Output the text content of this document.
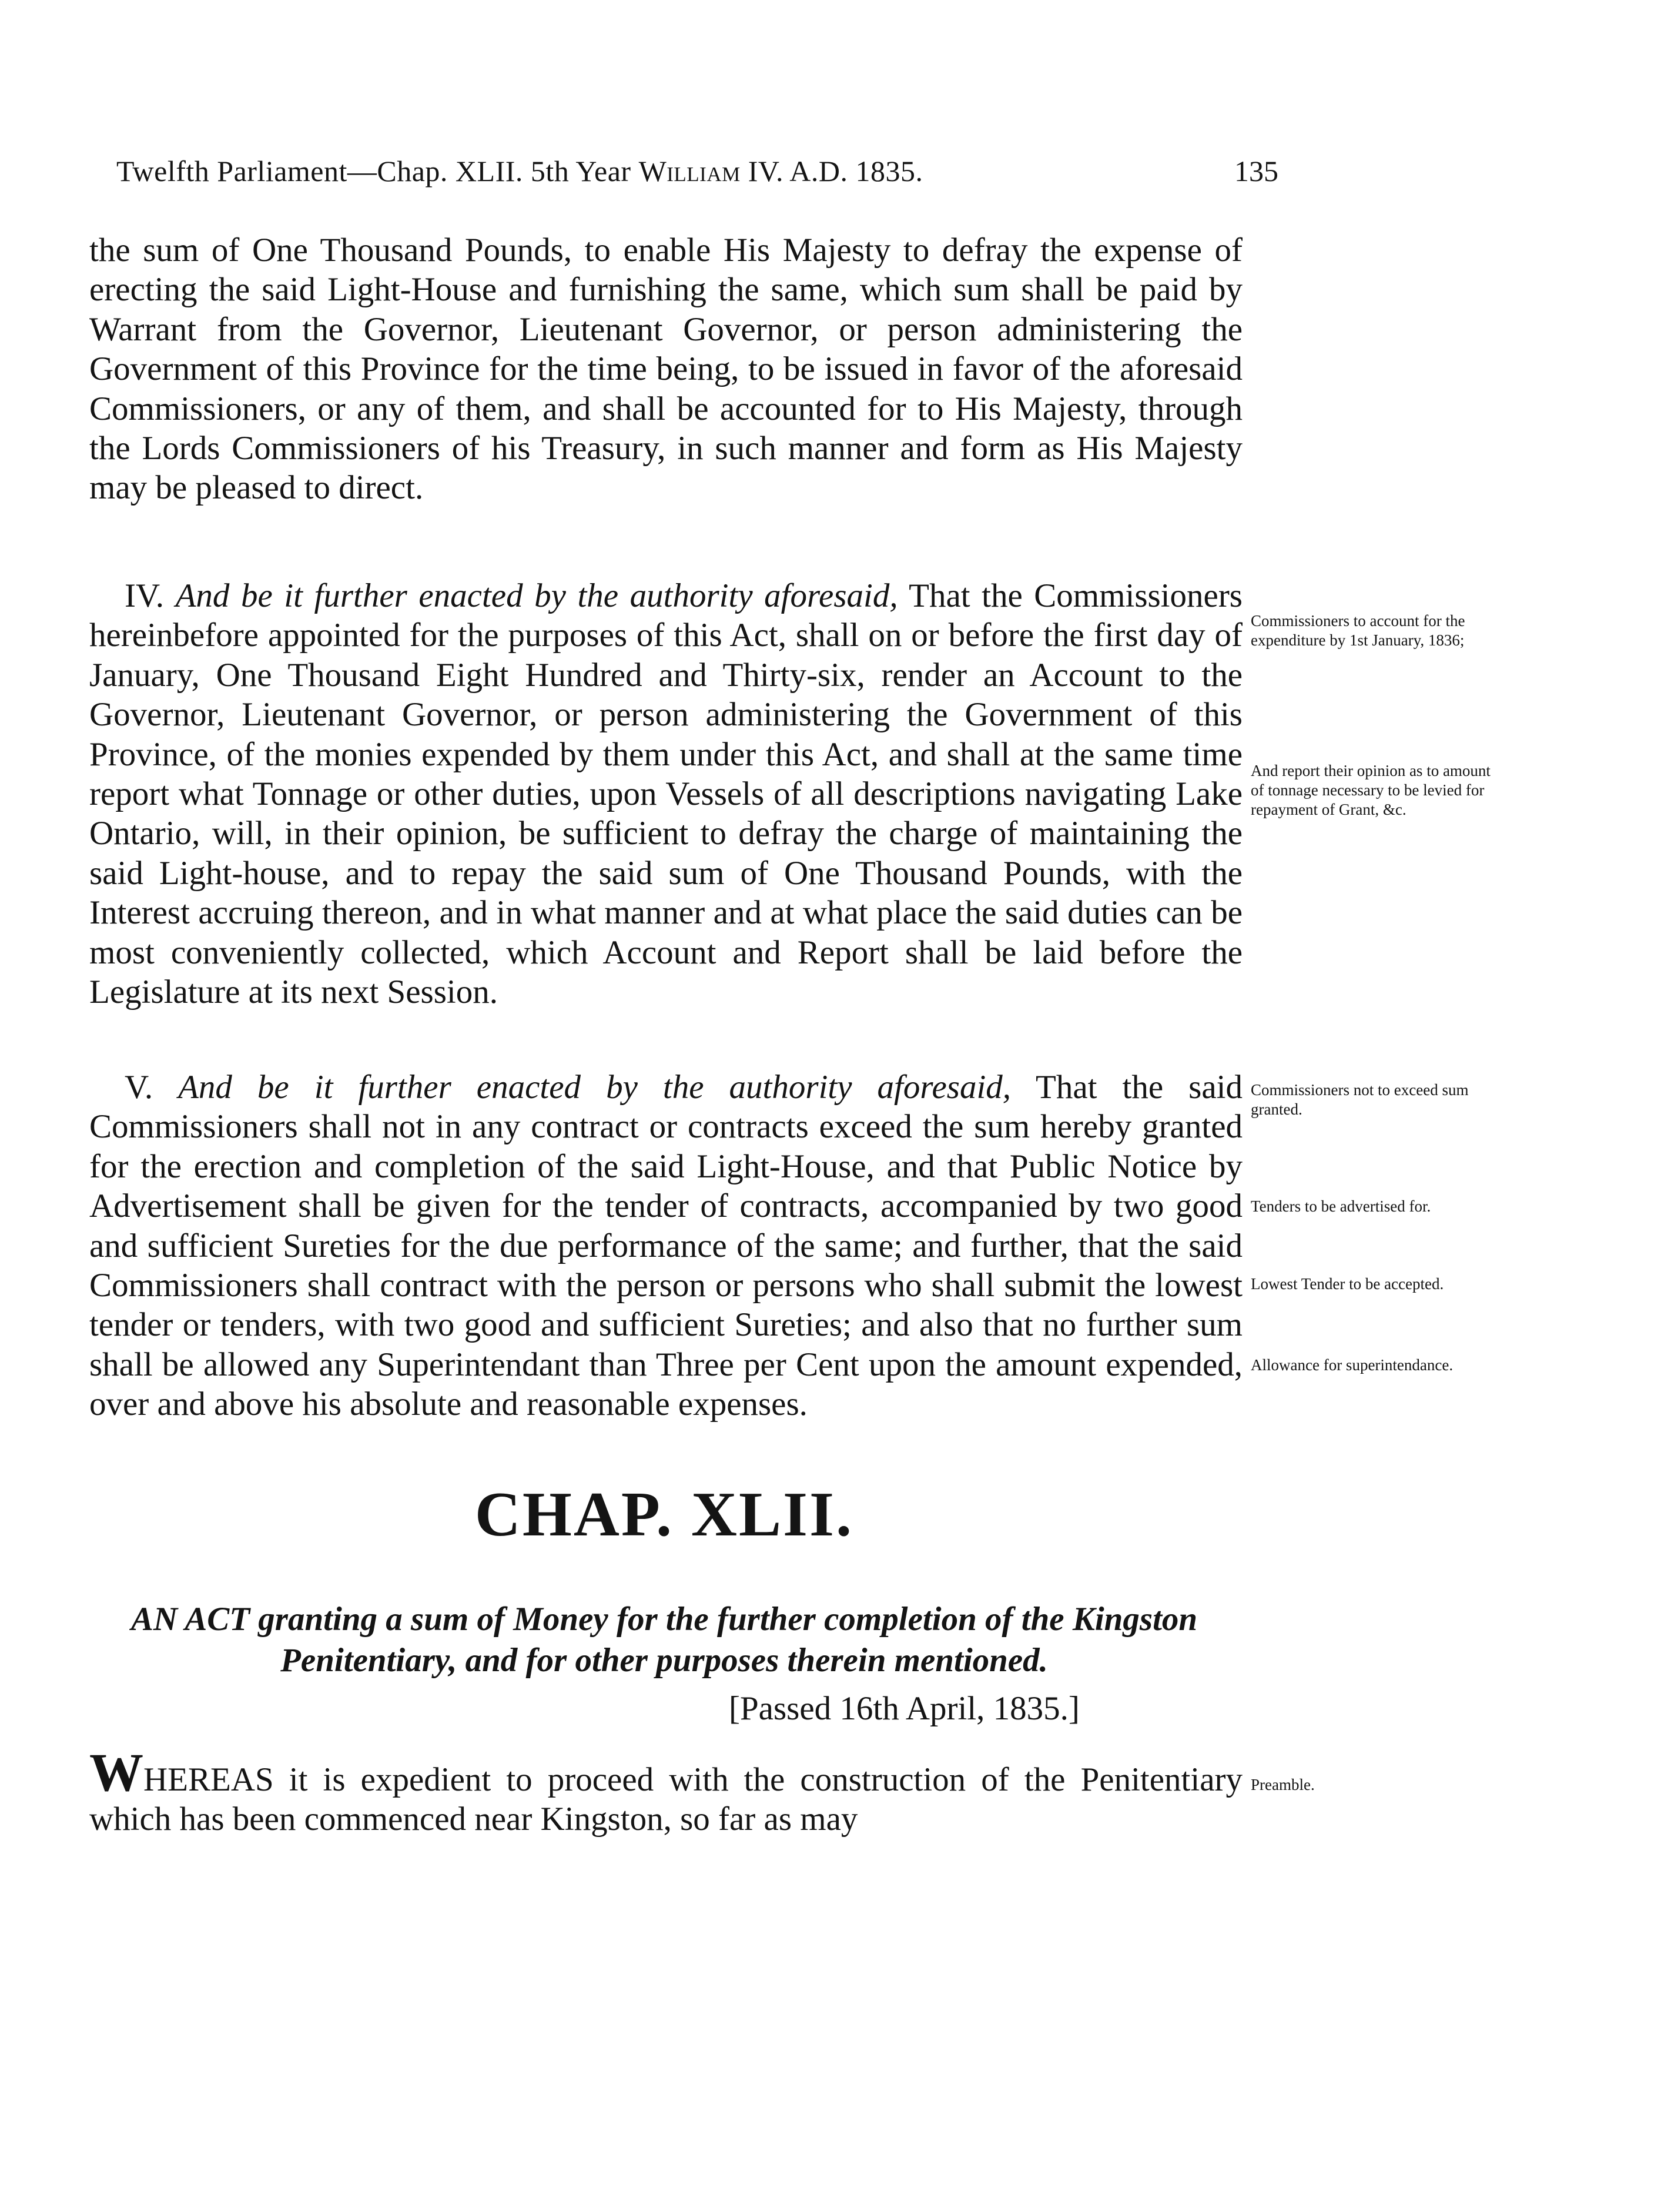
Twelfth Parliament—Chap. XLII. 5th Year William IV. A.D. 1835.	135

the sum of One Thousand Pounds, to enable His Majesty to defray the expense of erecting the said Light-House and furnishing the same, which sum shall be paid by Warrant from the Governor, Lieutenant Governor, or person administering the Government of this Province for the time being, to be issued in favor of the aforesaid Commissioners, or any of them, and shall be accounted for to His Majesty, through the Lords Commissioners of his Treasury, in such manner and form as His Majesty may be pleased to direct.

IV. And be it further enacted by the authority aforesaid, That the Commissioners hereinbefore appointed for the purposes of this Act, shall on or before the first day of January, One Thousand Eight Hundred and Thirty-six, render an Account to the Governor, Lieutenant Governor, or person administering the Government of this Province, of the monies expended by them under this Act, and shall at the same time report what Tonnage or other duties, upon Vessels of all descriptions navigating Lake Ontario, will, in their opinion, be sufficient to defray the charge of maintaining the said Light-house, and to repay the said sum of One Thousand Pounds, with the Interest accruing thereon, and in what manner and at what place the said duties can be most conveniently collected, which Account and Report shall be laid before the Legislature at its next Session.

Commissioners to account for the expenditure by 1st January, 1836;

And report their opinion as to amount of tonnage necessary to be levied for repayment of Grant, &c.

V. And be it further enacted by the authority aforesaid, That the said Commissioners shall not in any contract or contracts exceed the sum hereby granted for the erection and completion of the said Light-House, and that Public Notice by Advertisement shall be given for the tender of contracts, accompanied by two good and sufficient Sureties for the due performance of the same; and further, that the said Commissioners shall contract with the person or persons who shall submit the lowest tender or tenders, with two good and sufficient Sureties; and also that no further sum shall be allowed any Superintendant than Three per Cent upon the amount expended, over and above his absolute and reasonable expenses.

Commissioners not to exceed sum granted.

Tenders to be advertised for.

Lowest Tender to be accepted.

Allowance for superintendance.

CHAP. XLII.

AN ACT granting a sum of Money for the further completion of the Kingston Penitentiary, and for other purposes therein mentioned.

[Passed 16th April, 1835.]

WHEREAS it is expedient to proceed with the construction of the Penitentiary which has been commenced near Kingston, so far as may

Preamble.
